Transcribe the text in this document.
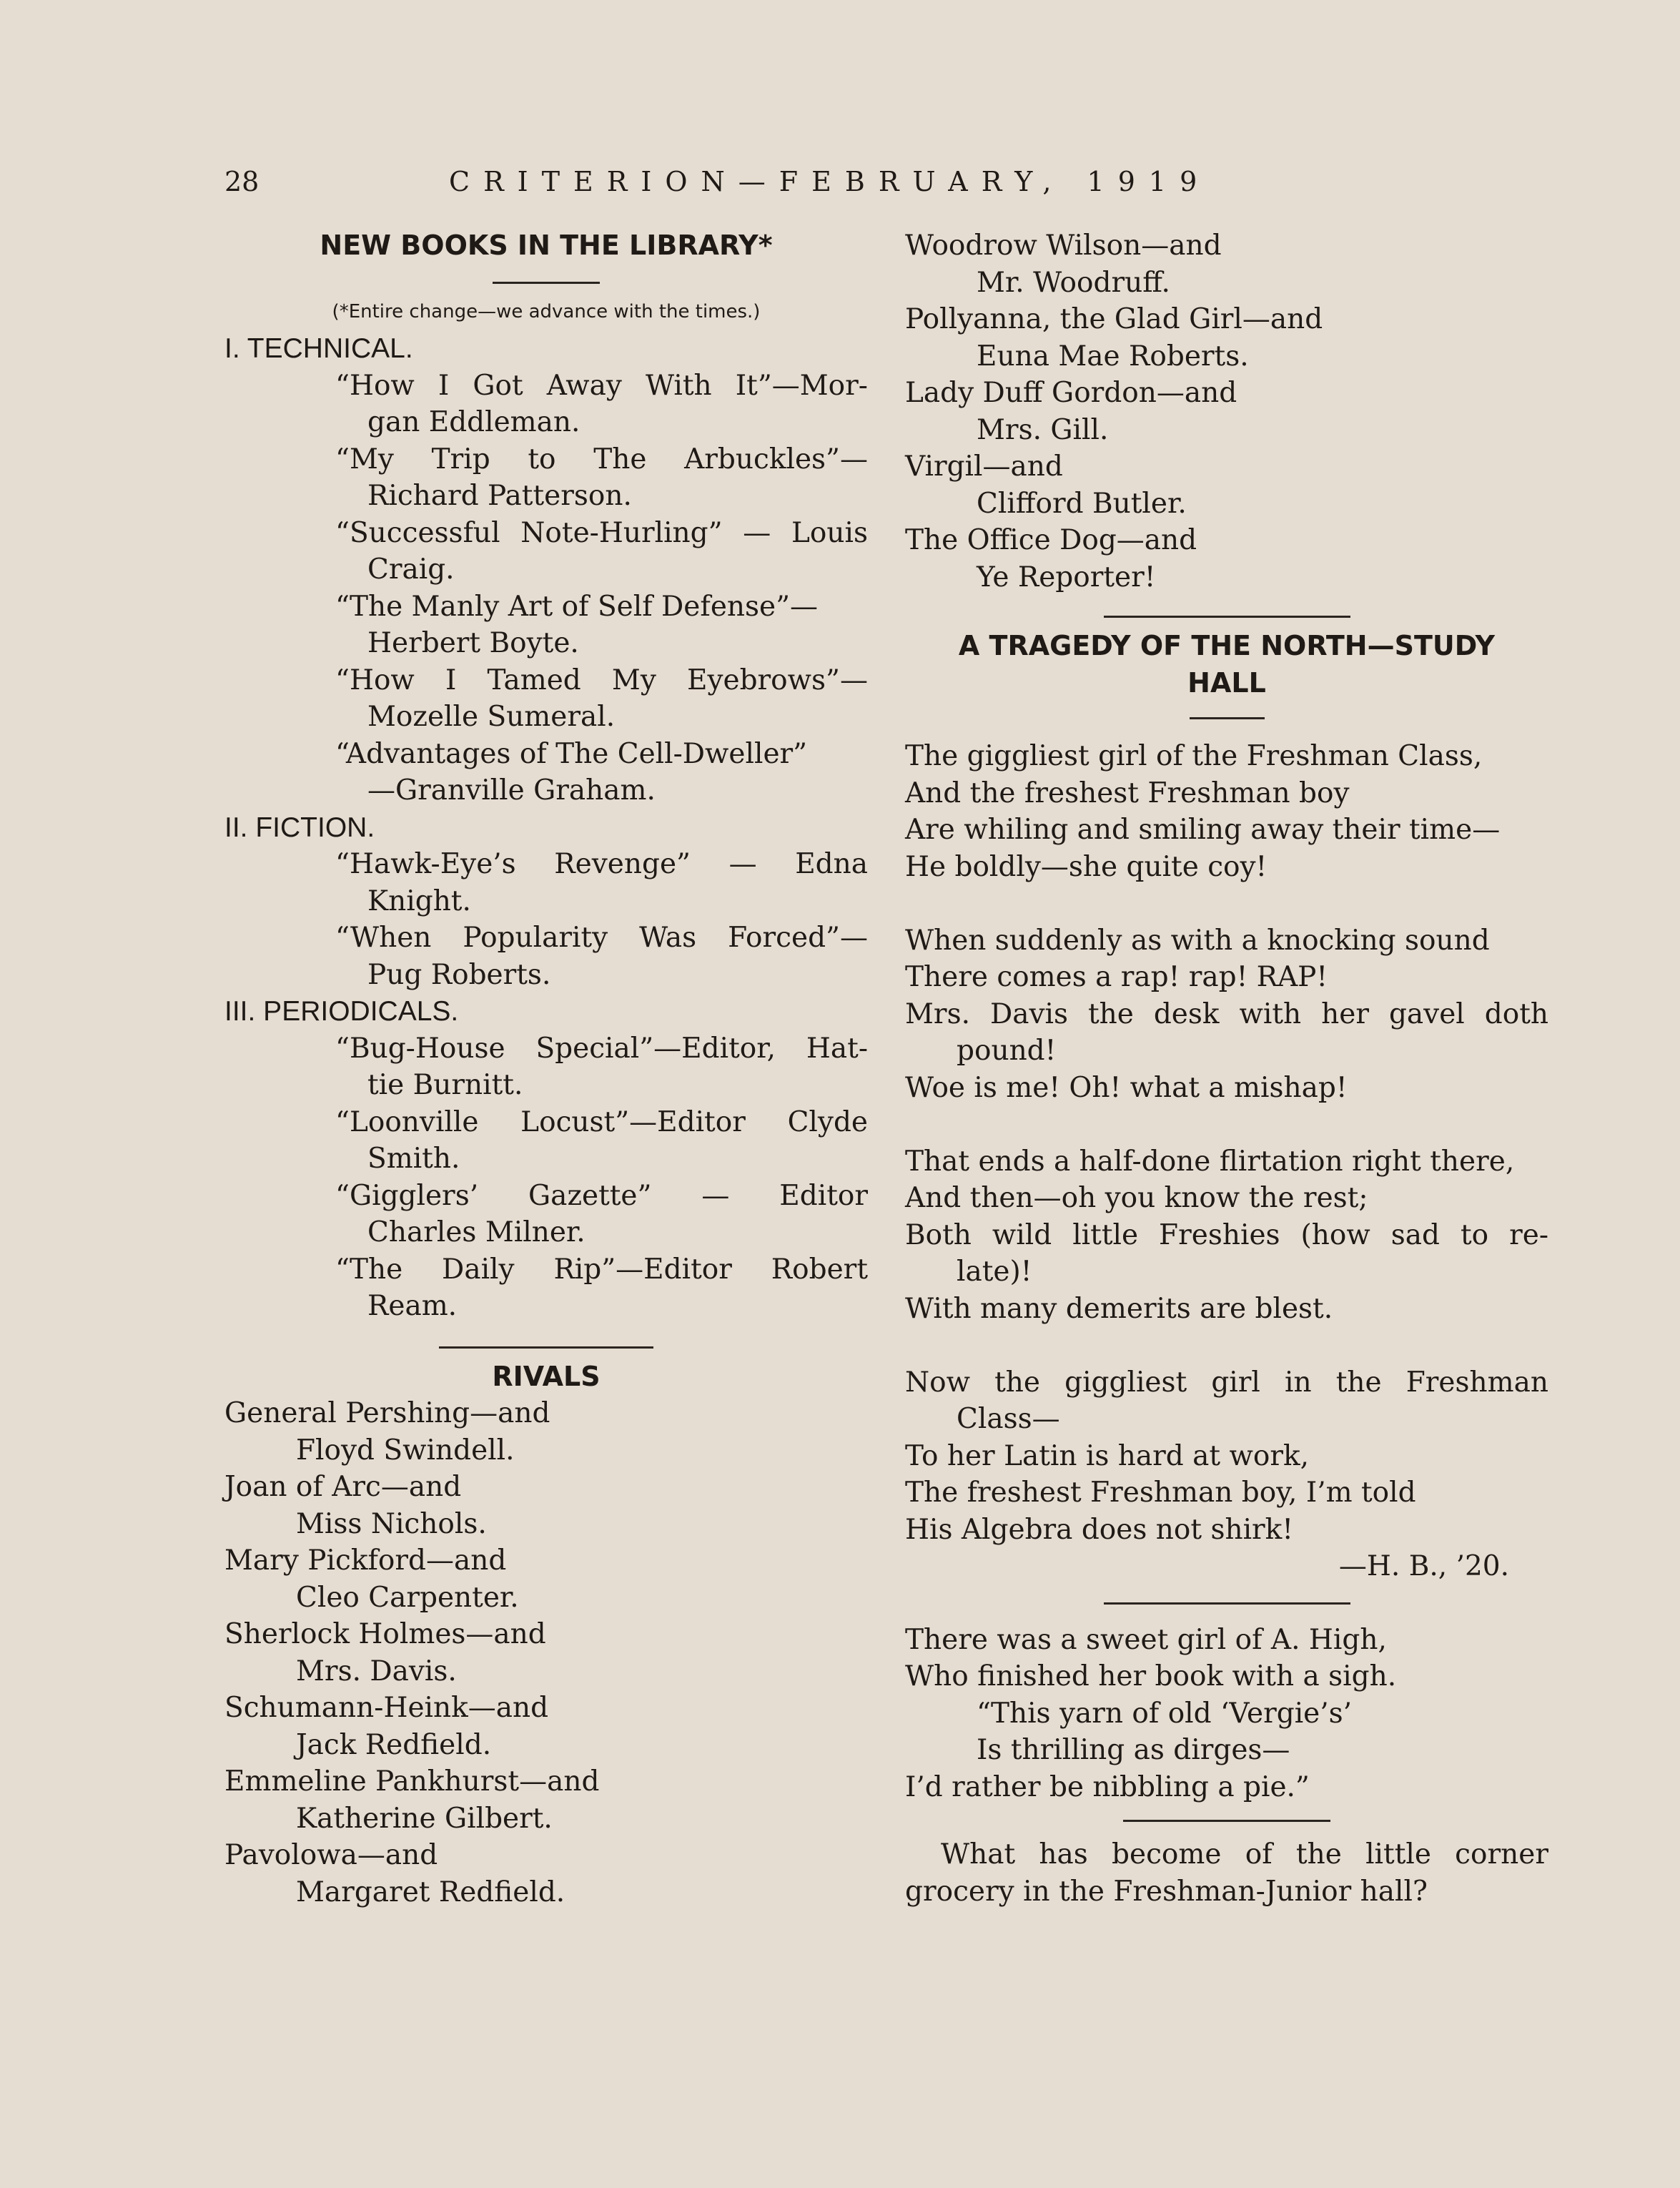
28	CRITERION—FEBRUARY, 1919
NEW BOOKS IN THE LIBRARY*
(*Entire change—we advance with the times.)
I. TECHNICAL.
“How I Got Away With It”—Mor-
gan Eddleman.
“My Trip to The Arbuckles”—
Richard Patterson.
“Successful Note-Hurling” — Louis
Craig.
“The Manly Art of Self Defense”—
Herbert Boyte.
“How I Tamed My Eyebrows”—
Mozelle Sumeral.
“Advantages of The Cell-Dweller”
—Granville Graham.
II. FICTION.
“Hawk-Eye’s Revenge” — Edna
Knight.
“When Popularity Was Forced”—
Pug Roberts.
III. PERIODICALS.
“Bug-House Special”—Editor, Hat-
tie Burnitt.
“Loonville Locust”—Editor Clyde
Smith.
“Gigglers’ Gazette” — Editor
Charles Milner.
“The Daily Rip”—Editor Robert
Ream.
RIVALS
General Pershing—and
Floyd Swindell.
Joan of Arc—and
Miss Nichols.
Mary Pickford—and
Cleo Carpenter.
Sherlock Holmes—and
Mrs. Davis.
Schumann-Heink—and
Jack Redfield.
Emmeline Pankhurst—and
Katherine Gilbert.
Pavolowa—and
Margaret Redfield.
Woodrow Wilson—and
Mr. Woodruff.
Pollyanna, the Glad Girl—and
Euna Mae Roberts.
Lady Duff Gordon—and
Mrs. Gill.
Virgil—and
Clifford Butler.
The Office Dog—and
Ye Reporter!
A TRAGEDY OF THE NORTH—STUDY
HALL
The giggliest girl of the Freshman Class,
And the freshest Freshman boy
Are whiling and smiling away their time—
He boldly—she quite coy!
When suddenly as with a knocking sound
There comes a rap! rap! RAP!
Mrs. Davis the desk with her gavel doth
pound!
Woe is me! Oh! what a mishap!
That ends a half-done flirtation right there,
And then—oh you know the rest;
Both wild little Freshies (how sad to re-
late)!
With many demerits are blest.
Now the giggliest girl in the Freshman
Class—
To her Latin is hard at work,
The freshest Freshman boy, I’m told
His Algebra does not shirk!
—H. B., ’20.
There was a sweet girl of A. High,
Who finished her book with a sigh.
“This yarn of old ‘Vergie’s’
Is thrilling as dirges—
I’d rather be nibbling a pie.”
What has become of the little corner
grocery in the Freshman-Junior hall?
